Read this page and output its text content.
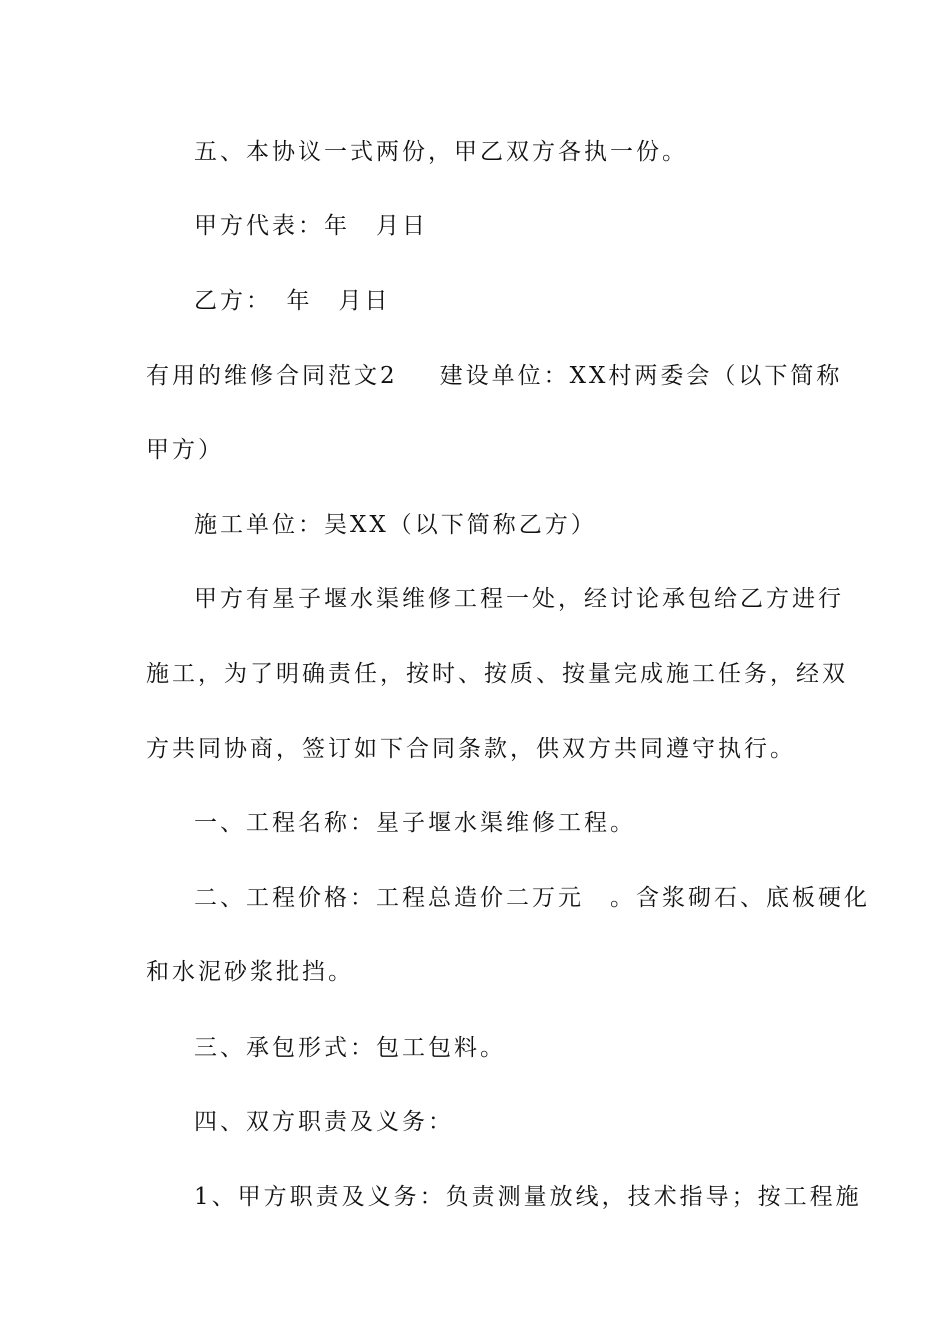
五、本协议一式两份，甲乙双方各执一份。
甲方代表：年　月日
乙方：　年　月日
有用的维修合同范文2 建设单位：XX村两委会（以下简称
甲方）
施工单位：吴XX（以下简称乙方）
甲方有星子堰水渠维修工程一处，经讨论承包给乙方进行
施工，为了明确责任，按时、按质、按量完成施工任务，经双
方共同协商，签订如下合同条款，供双方共同遵守执行。
一、工程名称：星子堰水渠维修工程。
二、工程价格：工程总造价二万元　。含浆砌石、底板硬化
和水泥砂浆批挡。
三、承包形式：包工包料。
四、双方职责及义务：
1、甲方职责及义务：负责测量放线，技术指导；按工程施
